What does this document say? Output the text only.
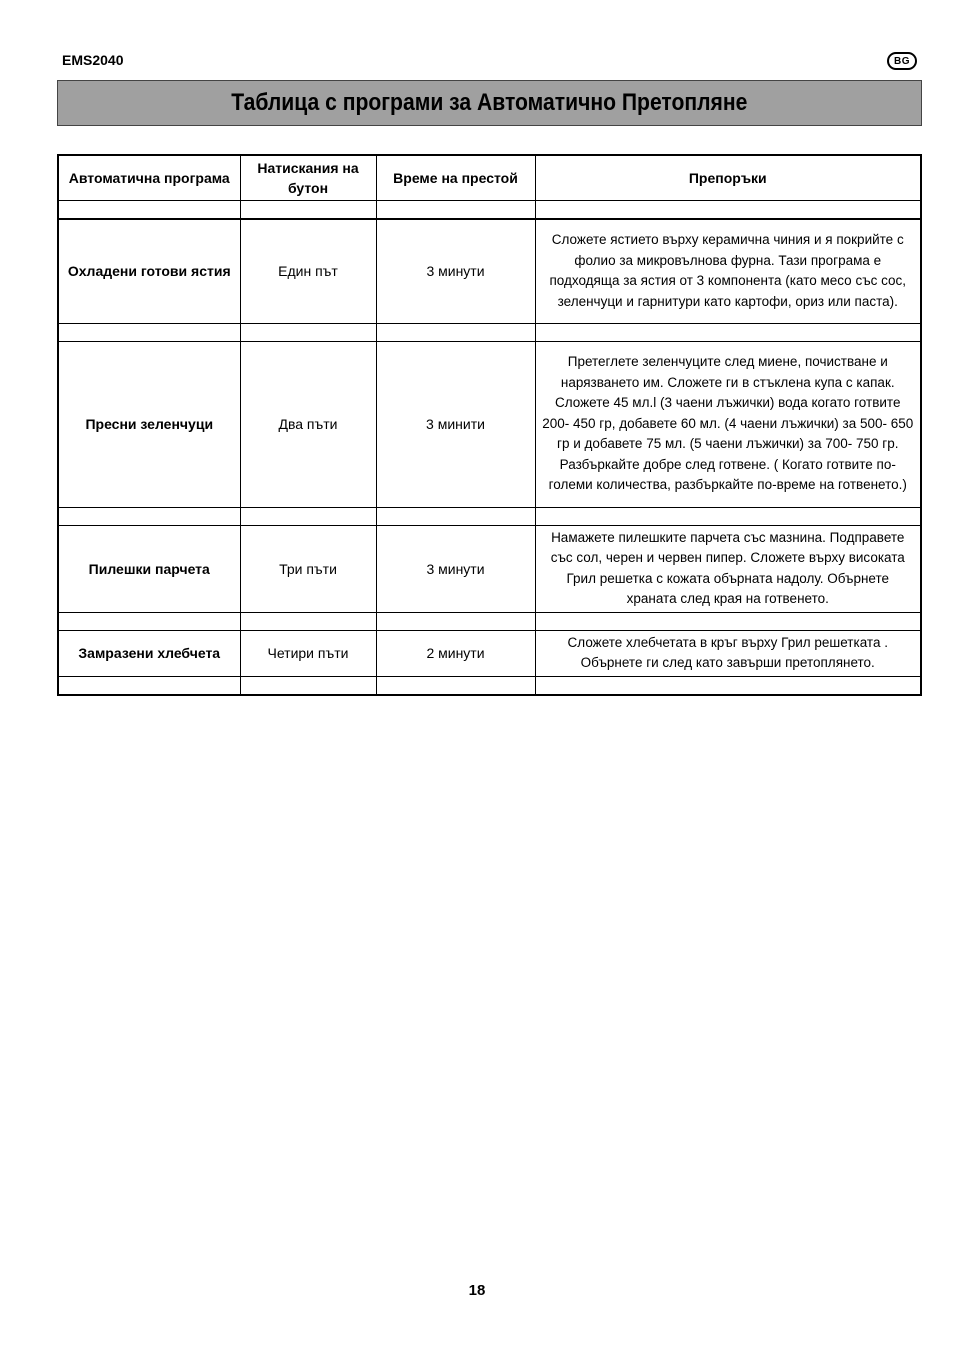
EMS2040	BG
Таблица с програми за Автоматично Претопляне
Автоматична програма	Натискания на бутон	Време на престой	Препоръки

Охладени готови ястия	Един път	3 минути	Сложете ястието върху керамична чиния и я покрийте с фолио за микровълнова фурна. Тази програма е подходяща за ястия от 3 компонента (като месо със сос, зеленчуци и гарнитури като картофи, ориз или паста).

Пресни зеленчуци	Два пъти	3 минити	Претеглете зеленчуците след миене, почистване и нарязването им. Сложете ги в стъклена купа с капак. Сложете 45 мл.l (3 чаени лъжички) вода когато готвите 200- 450 гр, добавете 60 мл. (4 чаени лъжички) за 500- 650 гр и добавете 75 мл. (5 чаени лъжички) за 700- 750 гр. Разбъркайте добре след готвене. ( Когато готвите по-големи количества, разбъркайте по-време на готвенето.)

Пилешки парчета	Три пъти	3 минути	Намажете пилешките парчета със мазнина. Подправете със сол, черен и червен пипер. Сложете върху високата Грил решетка с кожата обърната надолу. Обърнете храната след края на готвенето.

Замразени хлебчета	Четири пъти	2 минути	Сложете хлебчетата в кръг върху Грил решетката . Обърнете ги след като завърши претоплянето.

18
